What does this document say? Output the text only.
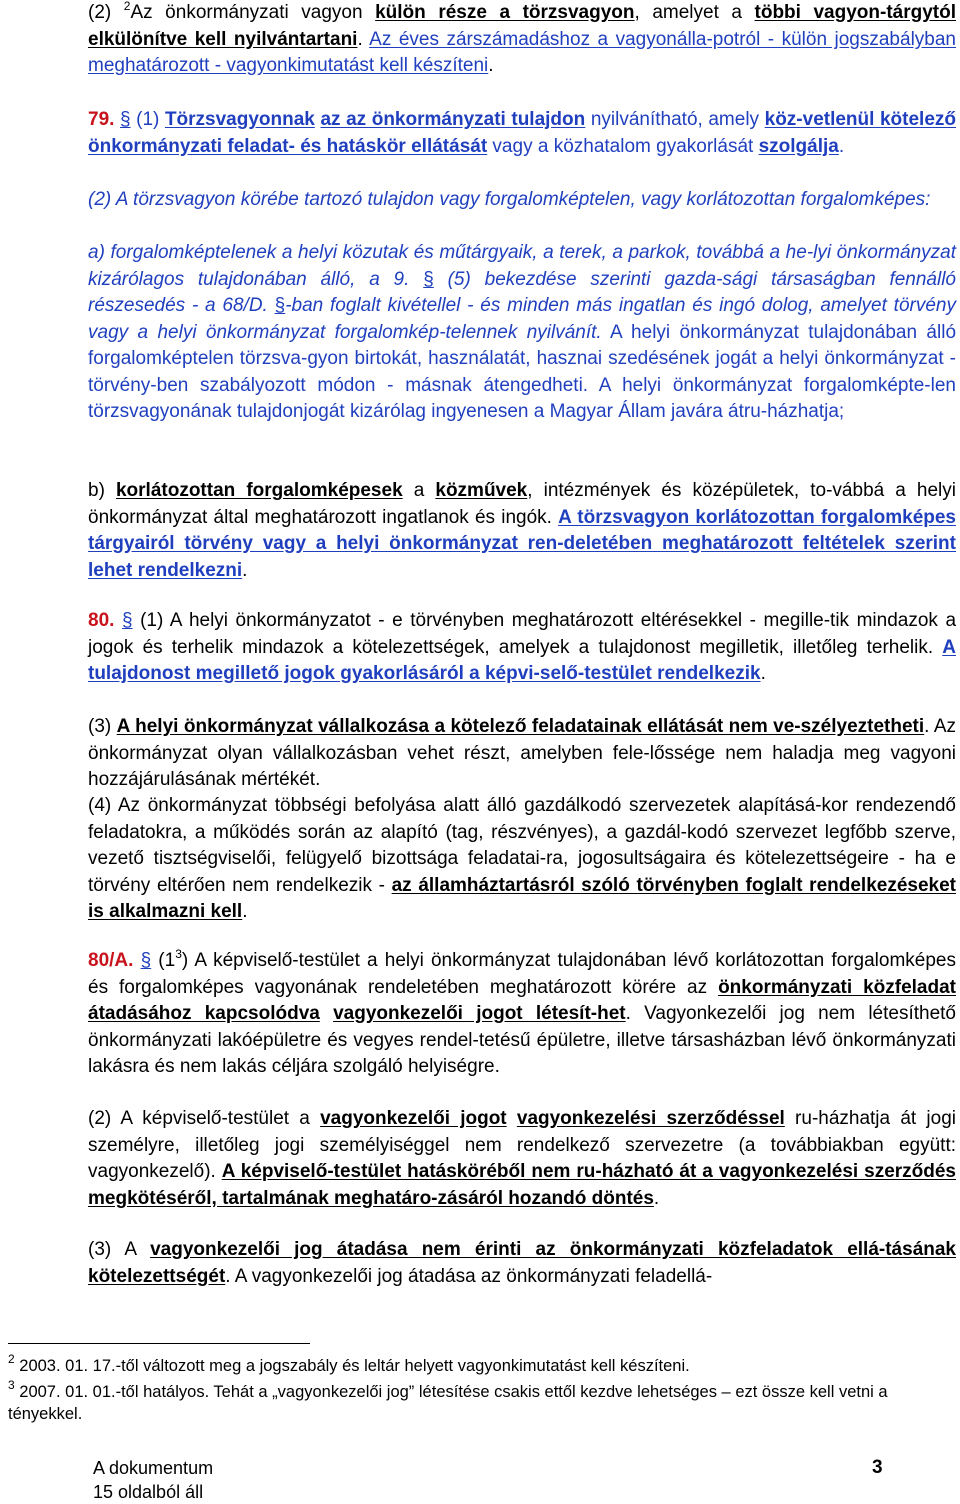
(2) $^2$Az önkormányzati vagyon külön része a törzsvagyon, amelyet a többi vagyon-tárgytól elkülönítve kell nyilvántartani. Az éves zárszámadáshoz a vagyonálla-potról - külön jogszabályban meghatározott - vagyonkimutatást kell készíteni.
79. § (1) Törzsvagyonnak az az önkormányzati tulajdon nyilvánítható, amely köz-vetlenül kötelező önkormányzati feladat- és hatáskör ellátását vagy a közhatalom gyakorlását szolgálja.
(2) A törzsvagyon körébe tartozó tulajdon vagy forgalomképtelen, vagy korlátozottan forgalomképes:
a) forgalomképtelenek a helyi közutak és műtárgyaik, a terek, a parkok, továbbá a he-lyi önkormányzat kizárólagos tulajdonában álló, a 9. § (5) bekezdése szerinti gazda-sági társaságban fennálló részesedés - a 68/D. §-ban foglalt kivétellel - és minden más ingatlan és ingó dolog, amelyet törvény vagy a helyi önkormányzat forgalomkép-telennek nyilvánít. A helyi önkormányzat tulajdonában álló forgalomképtelen törzsva-gyon birtokát, használatát, hasznai szedésének jogát a helyi önkormányzat - törvény-ben szabályozott módon - másnak átengedheti. A helyi önkormányzat forgalomképte-len törzsvagyonának tulajdonjogát kizárólag ingyenesen a Magyar Állam javára átru-házhatja;
b) korlátozottan forgalomképesek a közművek, intézmények és középületek, to-vábbá a helyi önkormányzat által meghatározott ingatlanok és ingók. A törzsvagyon korlátozottan forgalomképes tárgyairól törvény vagy a helyi önkormányzat ren-deletében meghatározott feltételek szerint lehet rendelkezni.
80. § (1) A helyi önkormányzatot - e törvényben meghatározott eltérésekkel - megille-tik mindazok a jogok és terhelik mindazok a kötelezettségek, amelyek a tulajdonost megilletik, illetőleg terhelik. A tulajdonost megillető jogok gyakorlásáról a képvi-selő-testület rendelkezik.
(3) A helyi önkormányzat vállalkozása a kötelező feladatainak ellátását nem ve-szélyeztetheti. Az önkormányzat olyan vállalkozásban vehet részt, amelyben fele-lőssége nem haladja meg vagyoni hozzájárulásának mértékét.
(4) Az önkormányzat többségi befolyása alatt álló gazdálkodó szervezetek alapításá-kor rendezendő feladatokra, a működés során az alapító (tag, részvényes), a gazdál-kodó szervezet legfőbb szerve, vezető tisztségviselői, felügyelő bizottsága feladatai-ra, jogosultságaira és kötelezettségeire - ha e törvény eltérően nem rendelkezik - az államháztartásról szóló törvényben foglalt rendelkezéseket is alkalmazni kell.
80/A. § $(1^3)$ A képviselő-testület a helyi önkormányzat tulajdonában lévő korlátozottan forgalomképes és forgalomképes vagyonának rendeletében meghatározott körére az önkormányzati közfeladat átadásához kapcsolódva vagyonkezelői jogot létesít-het. Vagyonkezelői jog nem létesíthető önkormányzati lakóépületre és vegyes rendel-tetésű épületre, illetve társasházban lévő önkormányzati lakásra és nem lakás céljára szolgáló helyiségre.
(2) A képviselő-testület a vagyonkezelői jogot vagyonkezelési szerződéssel ru-házhatja át jogi személyre, illetőleg jogi személyiséggel nem rendelkező szervezetre (a továbbiakban együtt: vagyonkezelő). A képviselő-testület hatásköréből nem ru-házható át a vagyonkezelési szerződés megkötéséről, tartalmának meghatáro-zásáról hozandó döntés.
(3) A vagyonkezelői jog átadása nem érinti az önkormányzati közfeladatok ellá-tásának kötelezettségét. A vagyonkezelői jog átadása az önkormányzati feladellá-
$^2$ 2003. 01. 17.-től változott meg a jogszabály és leltár helyett vagyonkimutatást kell készíteni.
$^3$ 2007. 01. 01.-től hatályos. Tehát a „vagyonkezelői jog” létesítése csakis ettől kezdve lehetséges – ezt össze kell vetni a tényekkel.
A dokumentum
15 oldalból áll
3
